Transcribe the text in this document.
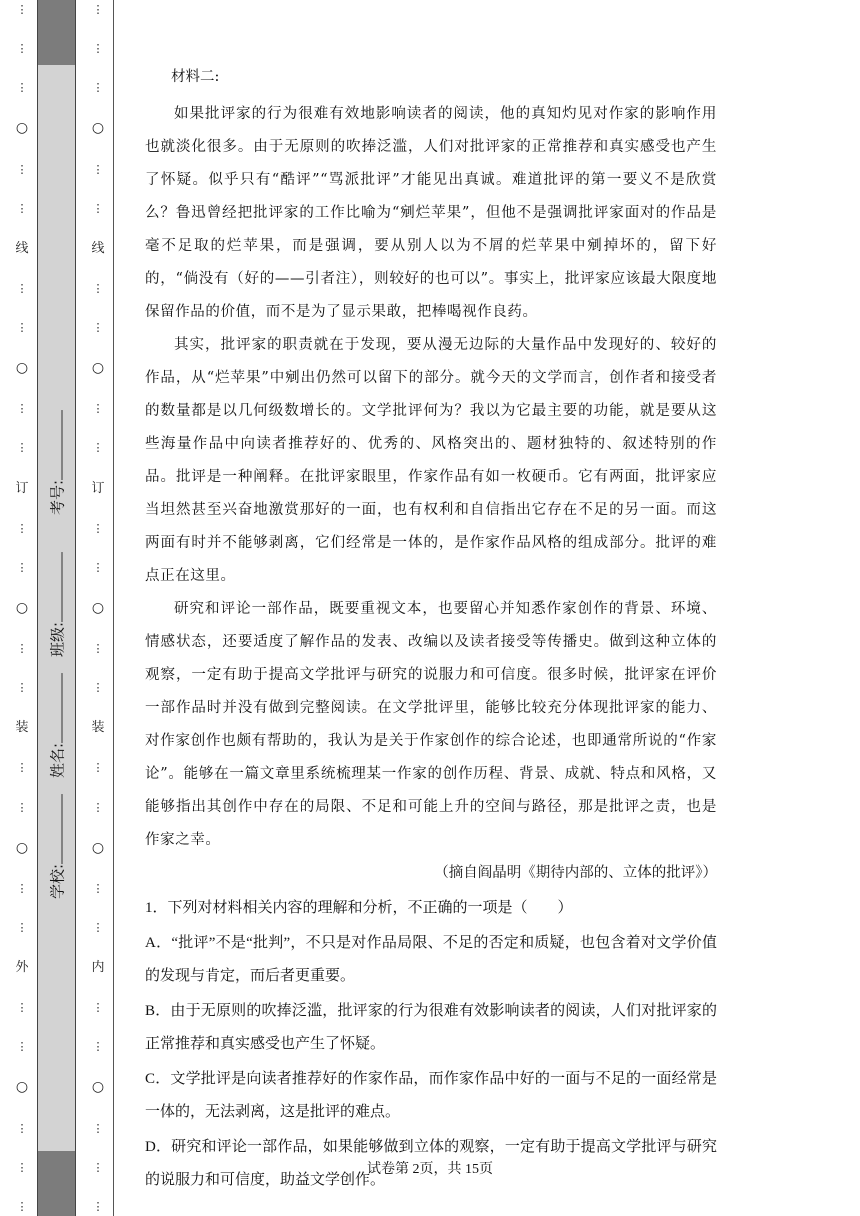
⋮
⋮
⋮
○
⋮
⋮
线
⋮
⋮
○
⋮
⋮
订
⋮
⋮
○
⋮
⋮
装
⋮
⋮
○
⋮
⋮
外
⋮
⋮
○
⋮
⋮
⋮
考号:
班级:
姓名:
学校:
⋮
⋮
⋮
○
⋮
⋮
线
⋮
⋮
○
⋮
⋮
订
⋮
⋮
○
⋮
⋮
装
⋮
⋮
○
⋮
⋮
内
⋮
⋮
○
⋮
⋮
⋮

材料二:

如果批评家的行为很难有效地影响读者的阅读，他的真知灼见对作家的影响作用也就淡化很多。由于无原则的吹捧泛滥，人们对批评家的正常推荐和真实感受也产生了怀疑。似乎只有“酷评”“骂派批评”才能见出真诚。难道批评的第一要义不是欣赏么？鲁迅曾经把批评家的工作比喻为“剜烂苹果”，但他不是强调批评家面对的作品是毫不足取的烂苹果，而是强调，要从别人以为不屑的烂苹果中剜掉坏的，留下好的，“倘没有（好的——引者注），则较好的也可以”。事实上，批评家应该最大限度地保留作品的价值，而不是为了显示果敢，把棒喝视作良药。

其实，批评家的职责就在于发现，要从漫无边际的大量作品中发现好的、较好的作品，从“烂苹果”中剜出仍然可以留下的部分。就今天的文学而言，创作者和接受者的数量都是以几何级数增长的。文学批评何为？我以为它最主要的功能，就是要从这些海量作品中向读者推荐好的、优秀的、风格突出的、题材独特的、叙述特别的作品。批评是一种阐释。在批评家眼里，作家作品有如一枚硬币。它有两面，批评家应当坦然甚至兴奋地激赏那好的一面，也有权利和自信指出它存在不足的另一面。而这两面有时并不能够剥离，它们经常是一体的，是作家作品风格的组成部分。批评的难点正在这里。

研究和评论一部作品，既要重视文本，也要留心并知悉作家创作的背景、环境、情感状态，还要适度了解作品的发表、改编以及读者接受等传播史。做到这种立体的观察，一定有助于提高文学批评与研究的说服力和可信度。很多时候，批评家在评价一部作品时并没有做到完整阅读。在文学批评里，能够比较充分体现批评家的能力、对作家创作也颇有帮助的，我认为是关于作家创作的综合论述，也即通常所说的“作家论”。能够在一篇文章里系统梳理某一作家的创作历程、背景、成就、特点和风格，又能够指出其创作中存在的局限、不足和可能上升的空间与路径，那是批评之责，也是作家之幸。

（摘自阎晶明《期待内部的、立体的批评》）

1．下列对材料相关内容的理解和分析，不正确的一项是（　　）

A．“批评”不是“批判”，不只是对作品局限、不足的否定和质疑，也包含着对文学价值的发现与肯定，而后者更重要。

B．由于无原则的吹捧泛滥，批评家的行为很难有效影响读者的阅读，人们对批评家的正常推荐和真实感受也产生了怀疑。

C．文学批评是向读者推荐好的作家作品，而作家作品中好的一面与不足的一面经常是一体的，无法剥离，这是批评的难点。

D．研究和评论一部作品，如果能够做到立体的观察，一定有助于提高文学批评与研究的说服力和可信度，助益文学创作。

试卷第 2页，共 15页
